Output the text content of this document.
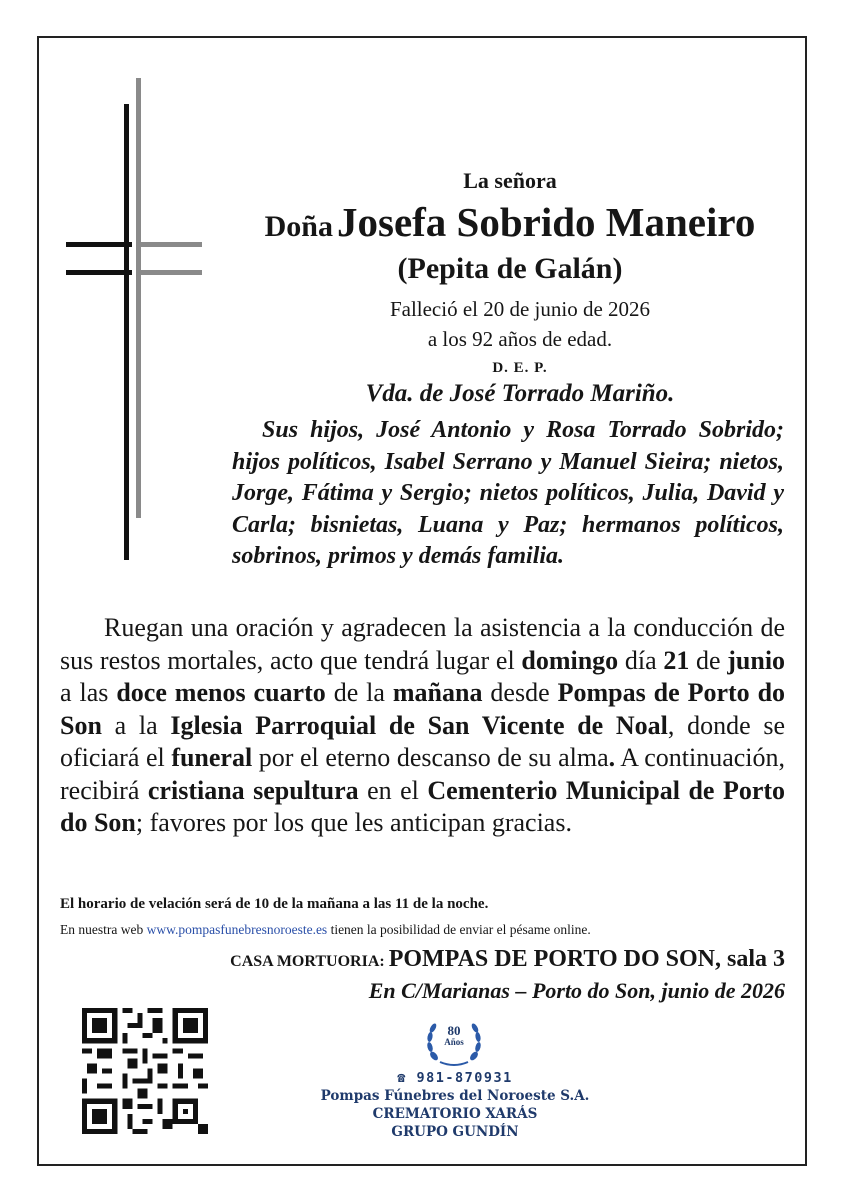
La señora

Doña Josefa Sobrido Maneiro

(Pepita de Galán)

Falleció el 20 de junio de 2026

a los 92 años de edad.

D. E. P.

Vda. de José Torrado Mariño.

Sus hijos, José Antonio y Rosa Torrado Sobrido; hijos políticos, Isabel Serrano y Manuel Sieira; nietos, Jorge, Fátima y Sergio; nietos políticos, Julia, David y Carla; bisnietas, Luana y Paz; hermanos políticos, sobrinos, primos y demás familia.

Ruegan una oración y agradecen la asistencia a la conducción de sus restos mortales, acto que tendrá lugar el domingo día 21 de junio a las doce menos cuarto de la mañana desde Pompas de Porto do Son a la Iglesia Parroquial de San Vicente de Noal, donde se oficiará el funeral por el eterno descanso de su alma. A continuación, recibirá cristiana sepultura en el Cementerio Municipal de Porto do Son; favores por los que les anticipan gracias.

El horario de velación será de 10 de la mañana a las 11 de la noche.

En nuestra web www.pompasfunebresnoroeste.es tienen la posibilidad de enviar el pésame online.

CASA MORTUORIA: POMPAS DE PORTO DO SON, sala 3

En C/Marianas – Porto do Son, junio de 2026

80
Años

☎ 981-870931

Pompas Fúnebres del Noroeste S.A.

CREMATORIO XARÁS

GRUPO GUNDÍN
